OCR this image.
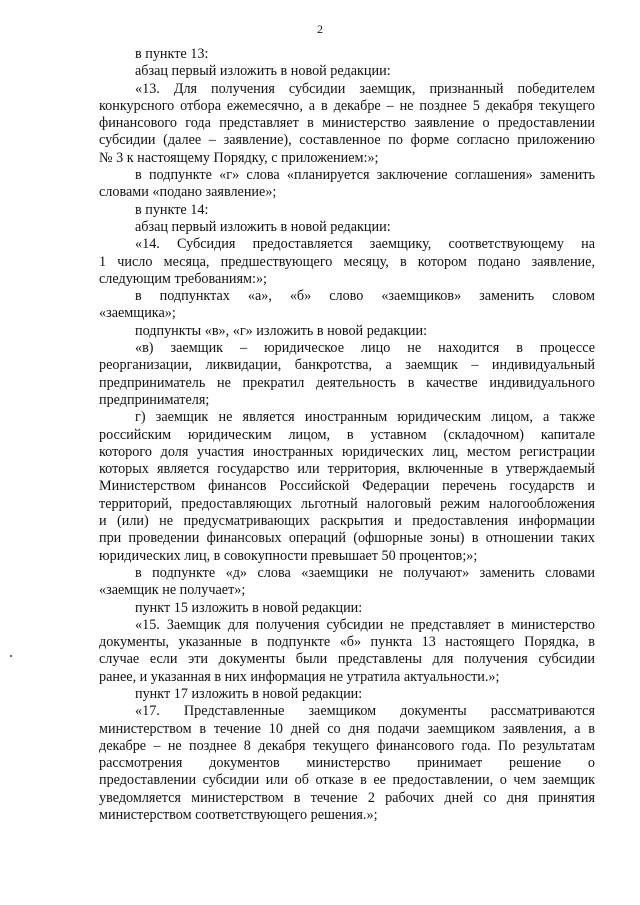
2
в пункте 13:
абзац первый изложить в новой редакции:
«13. Для получения субсидии заемщик, признанный победителем
конкурсного отбора ежемесячно, а в декабре – не позднее 5 декабря текущего
финансового года представляет в министерство заявление о предоставлении
субсидии (далее – заявление), составленное по форме согласно приложению
№ 3 к настоящему Порядку, с приложением:»;
в подпункте «г» слова «планируется заключение соглашения» заменить
словами «подано заявление»;
в пункте 14:
абзац первый изложить в новой редакции:
«14. Субсидия предоставляется заемщику, соответствующему на
1 число месяца, предшествующего месяцу, в котором подано заявление,
следующим требованиям:»;
в подпунктах «а», «б» слово «заемщиков» заменить словом
«заемщика»;
подпункты «в», «г» изложить в новой редакции:
«в) заемщик – юридическое лицо не находится в процессе
реорганизации, ликвидации, банкротства, а заемщик – индивидуальный
предприниматель не прекратил деятельность в качестве индивидуального
предпринимателя;
г) заемщик не является иностранным юридическим лицом, а также
российским юридическим лицом, в уставном (складочном) капитале
которого доля участия иностранных юридических лиц, местом регистрации
которых является государство или территория, включенные в утверждаемый
Министерством финансов Российской Федерации перечень государств и
территорий, предоставляющих льготный налоговый режим налогообложения
и (или) не предусматривающих раскрытия и предоставления информации
при проведении финансовых операций (офшорные зоны) в отношении таких
юридических лиц, в совокупности превышает 50 процентов;»;
в подпункте «д» слова «заемщики не получают» заменить словами
«заемщик не получает»;
пункт 15 изложить в новой редакции:
«15. Заемщик для получения субсидии не представляет в министерство
документы, указанные в подпункте «б» пункта 13 настоящего Порядка, в
случае если эти документы были представлены для получения субсидии
ранее, и указанная в них информация не утратила актуальности.»;
пункт 17 изложить в новой редакции:
«17. Представленные заемщиком документы рассматриваются
министерством в течение 10 дней со дня подачи заемщиком заявления, а в
декабре – не позднее 8 декабря текущего финансового года. По результатам
рассмотрения документов министерство принимает решение о
предоставлении субсидии или об отказе в ее предоставлении, о чем заемщик
уведомляется министерством в течение 2 рабочих дней со дня принятия
министерством соответствующего решения.»;
